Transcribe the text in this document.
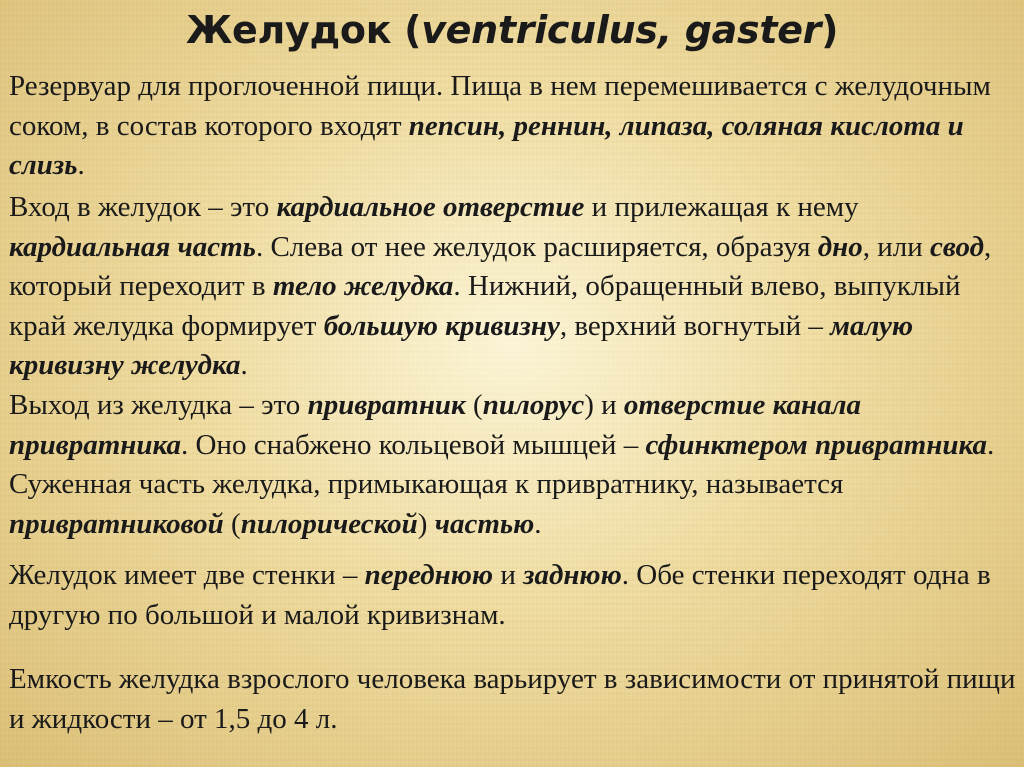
Желудок (ventriculus, gaster)
Резервуар для проглоченной пищи. Пища в нем перемешивается с желудочным соком, в состав которого входят пепсин, реннин, липаза, соляная кислота и слизь.
Вход в желудок – это кардиальное отверстие и прилежащая к нему кардиальная часть. Слева от нее желудок расширяется, образуя дно, или свод, который переходит в тело желудка. Нижний, обращенный влево, выпуклый край желудка формирует большую кривизну, верхний вогнутый – малую кривизну желудка.
Выход из желудка – это привратник (пилорус) и отверстие канала привратника. Оно снабжено кольцевой мышцей – сфинктером привратника. Суженная часть желудка, примыкающая к привратнику, называется привратниковой (пилорической) частью.
Желудок имеет две стенки – переднюю и заднюю. Обе стенки переходят одна в другую по большой и малой кривизнам.
Емкость желудка взрослого человека варьирует в зависимости от принятой пищи и жидкости – от 1,5 до 4 л.
